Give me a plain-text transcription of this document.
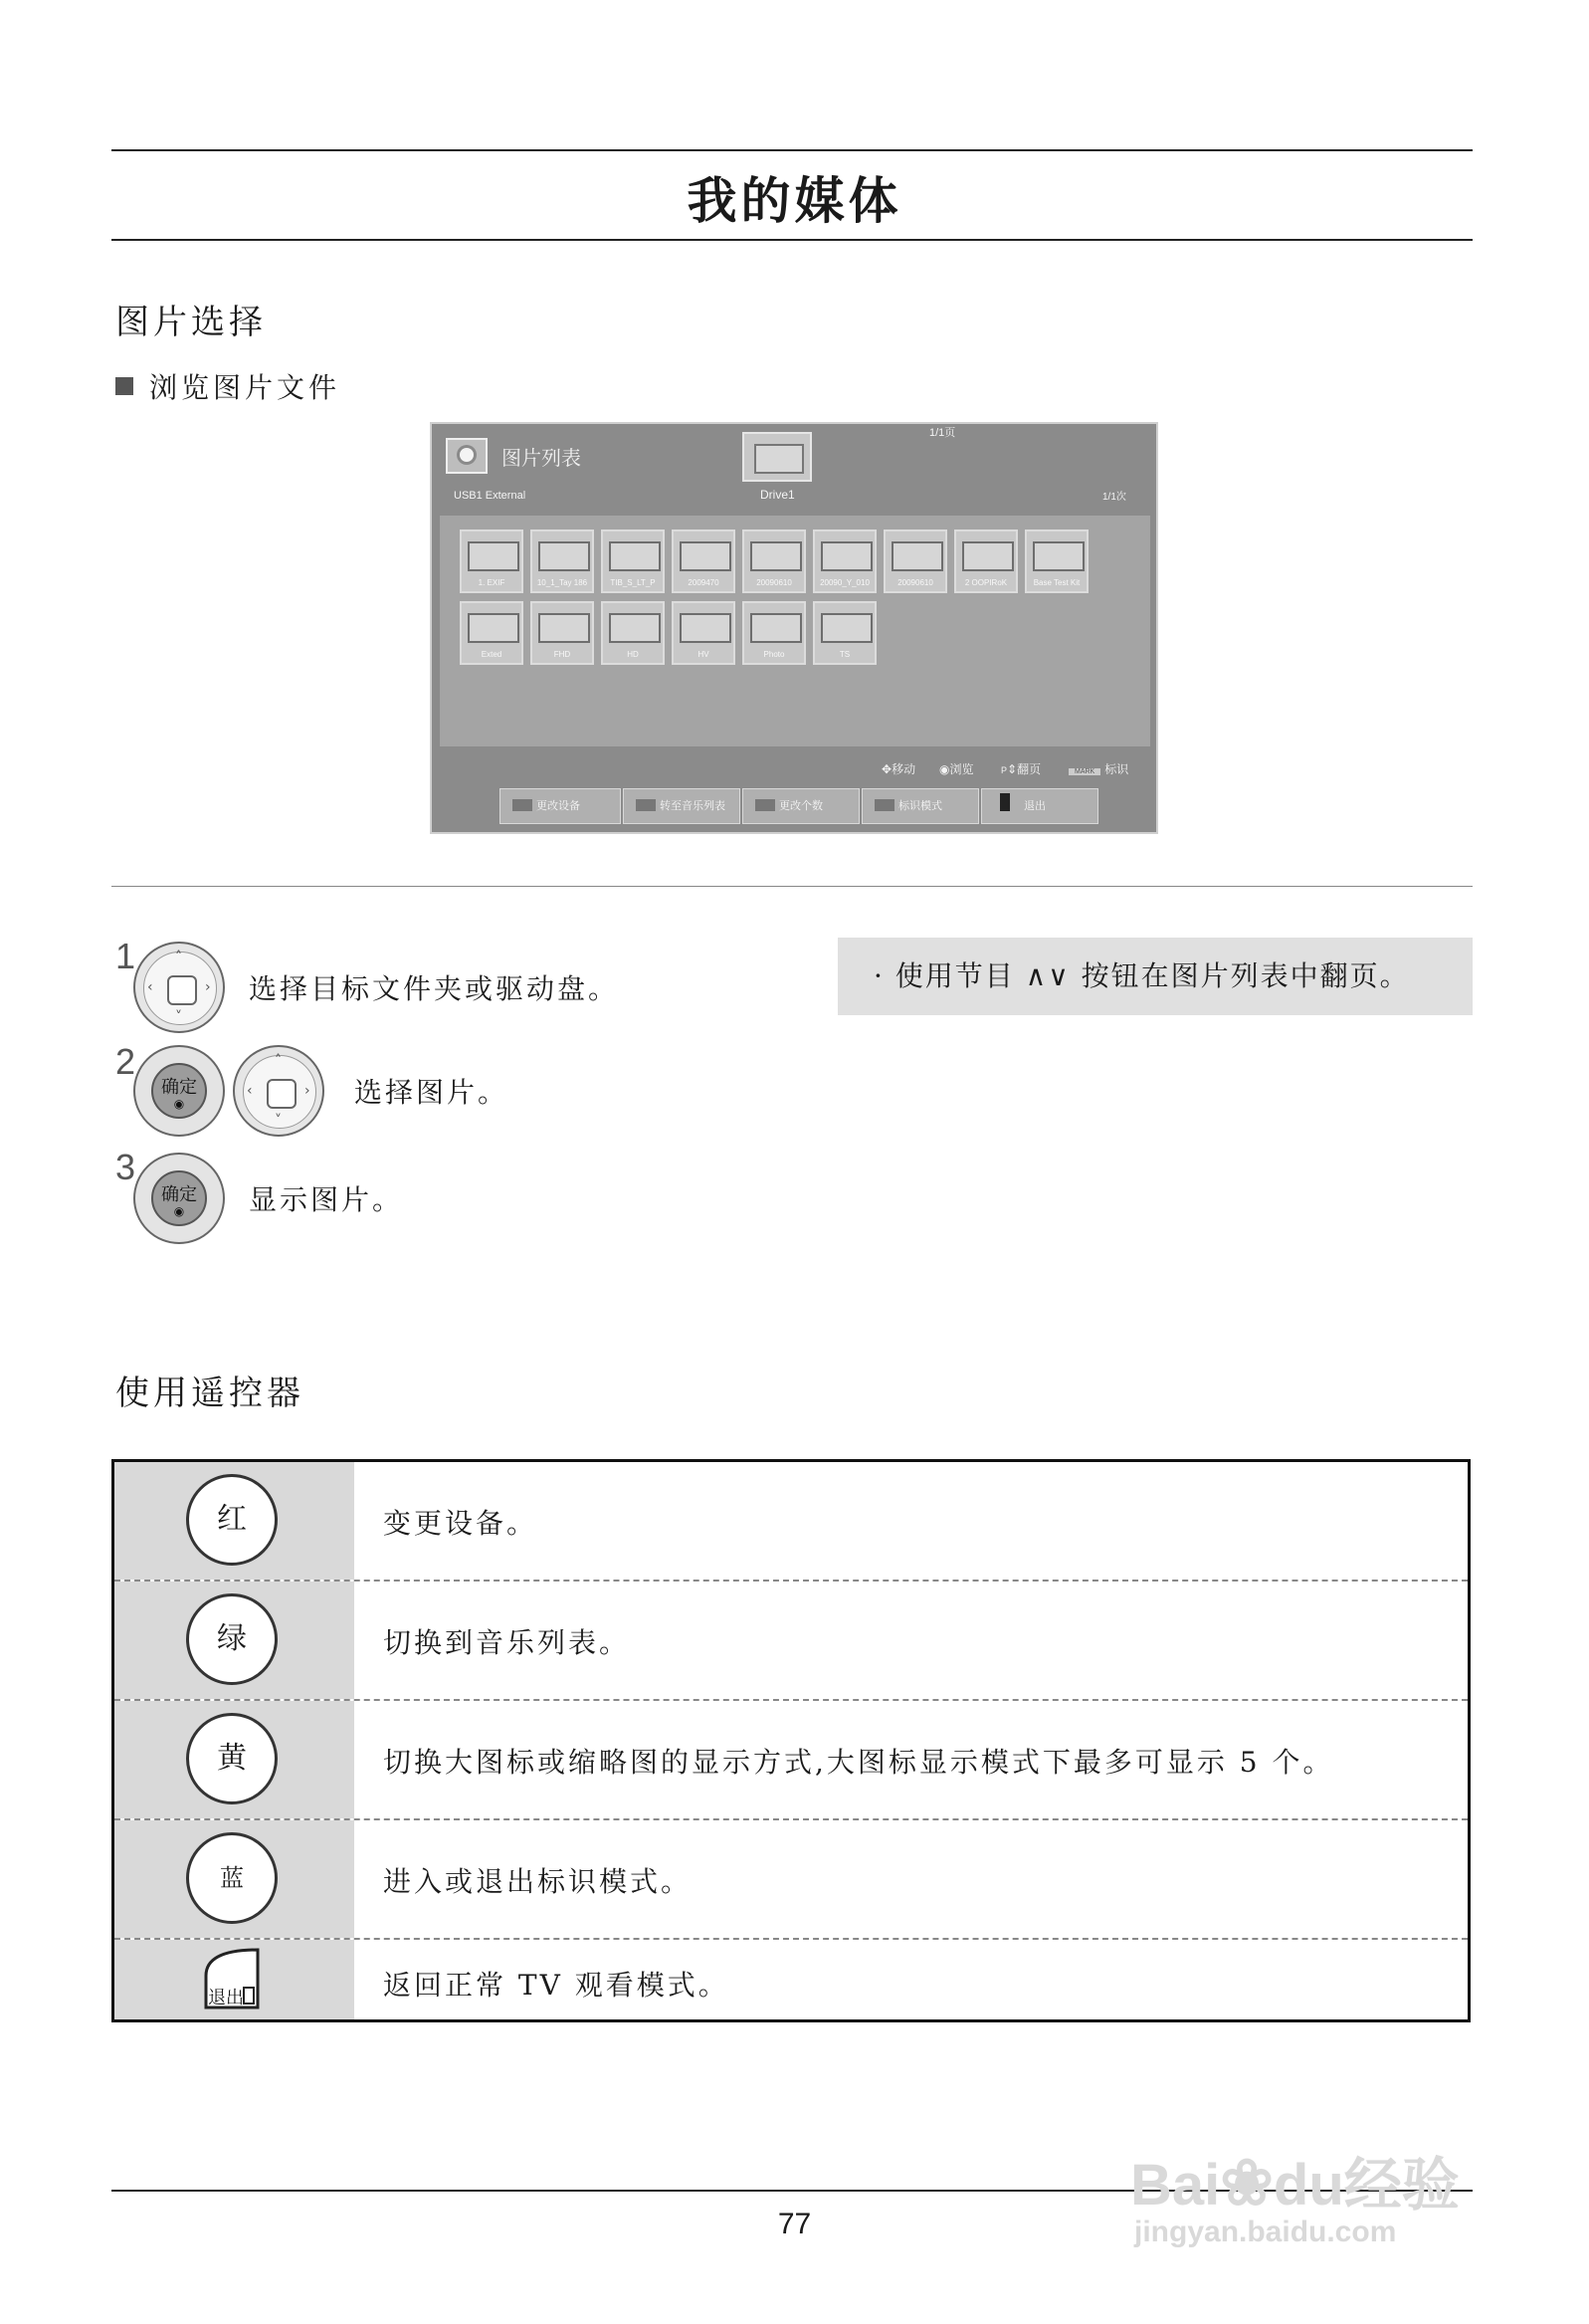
我的媒体
图片选择
浏览图片文件
图片列表
1/1页
USB1 External	Drive1	1/1次
1. EXIF	10_1_Tay 186	TIB_S_LT_P	2009470	20090610	20090_Y_010	20090610	2 OOPIRoK	Base Test Kit
Exted	FHD	HD	HV	Photo	TS
✥移动 ◉浏览	P⇕翻页	MARK 标识
更改设备	转至音乐列表	更改个数	标识模式	退出
1	˄
˅
‹	› 选择目标文件夹或驱动盘。
2
确定
◉
˄
˅
‹	› 选择图片。
3
确定
◉	显示图片。
· 使用节目 ∧∨ 按钮在图片列表中翻页。
使用遥控器
红	变更设备。
绿	切换到音乐列表。
黄	切换大图标或缩略图的显示方式,大图标显示模式下最多可显示 5 个。
蓝	进入或退出标识模式。
退出	返回正常 TV 观看模式。
77
Bai❀du经验
jingyan.baidu.com
